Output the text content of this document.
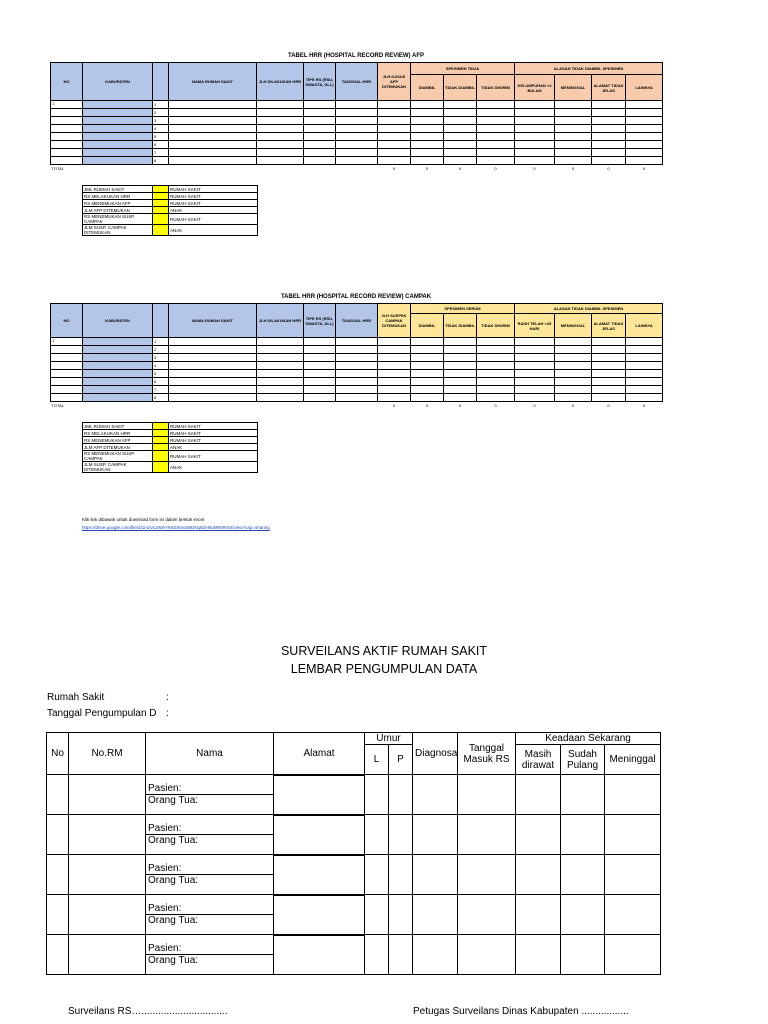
TABEL HRR (HOSPITAL RECORD REVIEW) AFP
NO	KABUPATEN		NAMA RUMAH SAKIT	JLH DILAKUKAN HRR	TIPE RS (RSU, SWASTA, DLL)	TANGGAL HRR	JLH KASUS AFP DITEMUKAN	SPESIMEN TINJA			ALASAN TIDAK DIAMBIL SPESIMEN			
								DIAMBIL	TIDAK DIAMBIL	TIDAK DIKIRIM	KELUMPUHAN >2 BULAN	MENINGGAL	ALAMAT TIDAK JELAS	LAINNYA
1		1												
		2												
		3												
		4												
		5												
		6												
		7												
		8												
TOTAL							0	0	0	0	0	0	0	0
JML RUMAH SAKIT		RUMAH SAKIT
RS MELAKUKAN HRR		RUMAH SAKIT
RS MENEMUKAN AFP		RUMAH SAKIT
JLM AFP DITEMUKAN		ANAK
RS MENEMUKAN SUSP. CAMPAK		RUMAH SAKIT
JLM SUSP. CAMPAK DITEMUKAN		ANAK
TABEL HRR (HOSPITAL RECORD REVIEW) CAMPAK
NO	KABUPATEN		NAMA RUMAH SAKIT	JLH DILAKUKAN HRR	TIPE RS (RSU, SWASTA, DLL)	TANGGAL HRR	JLH SUSPEK CAMPAK DITEMUKAN	SPESIMEN SERUM			ALASAN TIDAK DIAMBIL SPESIMEN			
								DIAMBIL	TIDAK DIAMBIL	TIDAK DIKIRIM	RASH TELAH >28 HARI	MENINGGAL	ALAMAT TIDAK JELAS	LAINNYA
1		1												
		2												
		3												
		4												
		5												
		6												
		7												
		8												
TOTAL							0	0	0	0	0	0	0	0
JML RUMAH SAKIT		RUMAH SAKIT
RS MELAKUKAN HRR		RUMAH SAKIT
RS MENEMUKAN AFP		RUMAH SAKIT
JLM AFP DITEMUKAN		ANAK
RS MENEMUKAN SUSP. CAMPAK		RUMAH SAKIT
JLM SUSP. CAMPAK DITEMUKAN		ANAK
Klik link dibawah untuk download form ini dalam bentuk excel
https://drive.google.com/file/d/1mzvs1WleYKKE8nvaWDNq5DH8vkRNRr04/view?usp=sharing
SURVEILANS AKTIF RUMAH SAKIT
LEMBAR PENGUMPULAN DATA
Rumah Sakit	:
Tanggal Pengumpulan D :
No	No.RM	Nama	Alamat	Umur		Diagnosa	Tanggal Masuk RS	Keadaan Sekarang		
				L	P			Masih dirawat	Sudah Pulang	Meninggal
		Pasien:								
		Orang Tua:								
		Pasien:								
		Orang Tua:								
		Pasien:								
		Orang Tua:								
		Pasien:								
		Orang Tua:								
		Pasien:								
		Orang Tua:								
Surveilans RS…...............................	Petugas Surveilans Dinas Kabupaten .................
